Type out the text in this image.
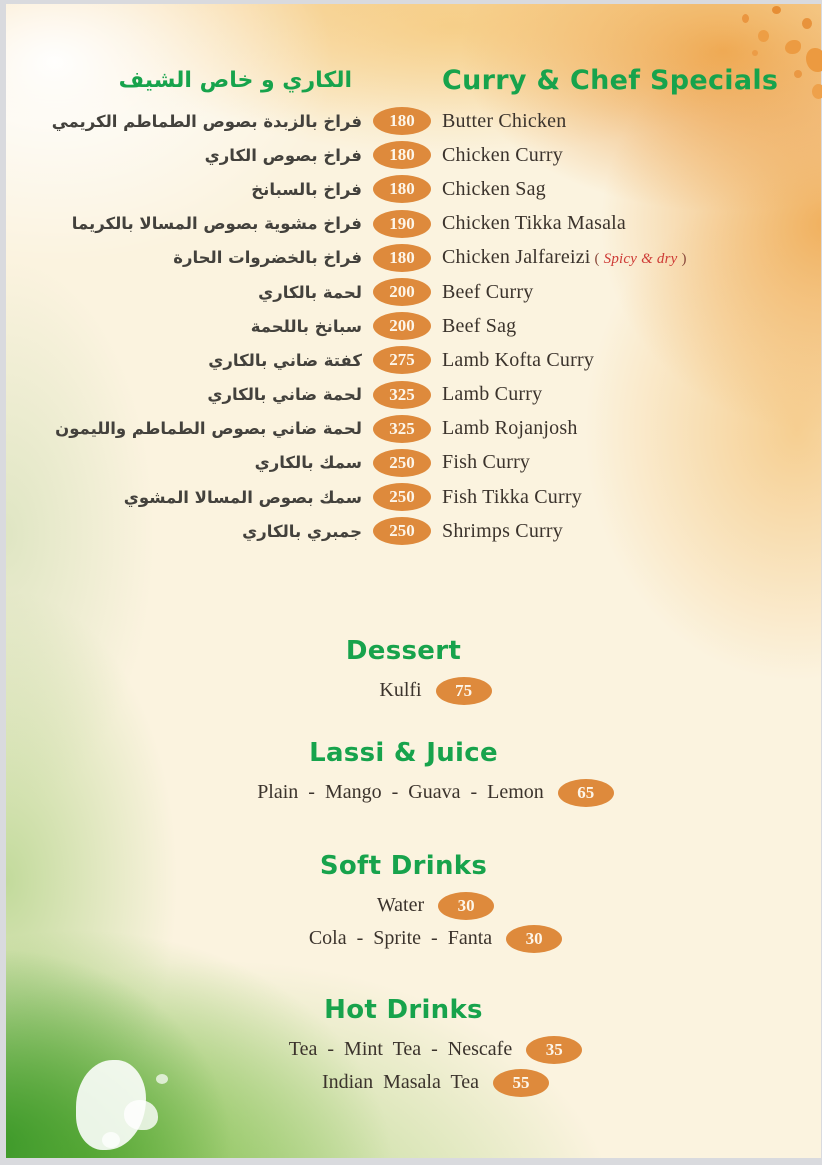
الكاري و خاص الشيف	Curry & Chef Specials
فراخ بالزبدة بصوص الطماطم الكريمي	180	Butter Chicken
فراخ بصوص الكاري	180	Chicken Curry
فراخ بالسبانخ	180	Chicken Sag
فراخ مشوية بصوص المسالا بالكريما	190	Chicken Tikka Masala
فراخ بالخضروات الحارة	180	Chicken Jalfareizi ( Spicy & dry )
لحمة بالكاري	200	Beef Curry
سبانخ باللحمة	200	Beef Sag
كفتة ضاني بالكاري	275	Lamb Kofta Curry
لحمة ضاني بالكاري	325	Lamb Curry
لحمة ضاني بصوص الطماطم والليمون	325	Lamb Rojanjosh
سمك بالكاري	250	Fish Curry
سمك بصوص المسالا المشوي	250	Fish Tikka Curry
جمبري بالكاري	250	Shrimps Curry
Dessert
Kulfi	75
Lassi & Juice
Plain - Mango - Guava - Lemon	65
Soft Drinks
Water	30
Cola - Sprite - Fanta	30
Hot Drinks
Tea - Mint Tea - Nescafe	35
Indian Masala Tea	55
